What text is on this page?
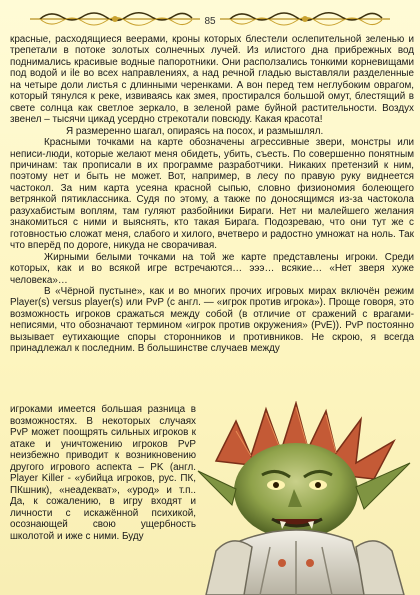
85

красные, расходящиеся веерами, кроны которых блестели ослепительной зеленью и трепетали в потоке золотых солнечных лучей. Из илистого дна прибрежных вод поднимались красивые водные папоротники. Они расползались тонкими корневищами под водой и ile во всех направлениях, а над речной гладью выставляли разделенные на четыре доли листья с длинными черенками. А вон перед тем неглубоким оврагом, который тянулся к реке, извиваясь как змея, простирался большой омут, блестящий в свете солнца как светлое зеркало, в зеленой раме буйной растительности. Воздух звенел – тысячи цикад усердно стрекотали повсюду. Какая красота!

Я размеренно шагал, опираясь на посох, и размышлял.

Красными точками на карте обозначены агрессивные звери, монстры или неписи-люди, которые желают меня обидеть, убить, съесть. По совершенно понятным причинам: так прописали в их программе разработчики. Никаких претензий к ним, поэтому нет и быть не может. Вот, например, в лесу по правую руку виднеется частокол. За ним карта усеяна красной сыпью, словно физиономия болеющего ветрянкой пятиклассника. Судя по этому, а также по доносящимся из-за частокола разухабистым воплям, там гуляют разбойники Бираги. Нет ни малейшего желания знакомиться с ними и выяснять, кто такая Бирага. Подозреваю, что они тут же с готовностью сложат меня, слабого и хилого, вчетверо и радостно умножат на ноль. Так что вперёд по дороге, никуда не сворачивая.

Жирными белыми точками на той же карте представлены игроки. Среди которых, как и во всякой игре встречаются… эээ… всякие… «Нет зверя хуже человека»…

В «Чёрной пустыне», как и во многих прочих игровых мирах включён режим Player(s) versus player(s) или PvP (с англ. — «игрок против игрока»). Проще говоря, это возможность игроков сражаться между собой (в отличие от сражений с врагами-неписями, что обозначают термином «игрок против окружения» (PvE)). PvP постоянно вызывает еутихающие споры сторонников и противников. Не скрою, я всегда принадлежал к последним. В большинстве случаев между

игроками имеется большая разница в возможностях. В некоторых случаях PvP может поощрять сильных игроков к атаке и уничтожению игроков PvP неизбежно приводит к возникновению другого игрового аспекта – PK (англ. Player Killer - «убийца игроков, рус. ПК, ПКшник), «неадекват», «урод» и т.п.. Да, к сожалению, в игру входят и личности с искажённой психикой, осознающей свою ущербность школотой и иже с ними. Буду
